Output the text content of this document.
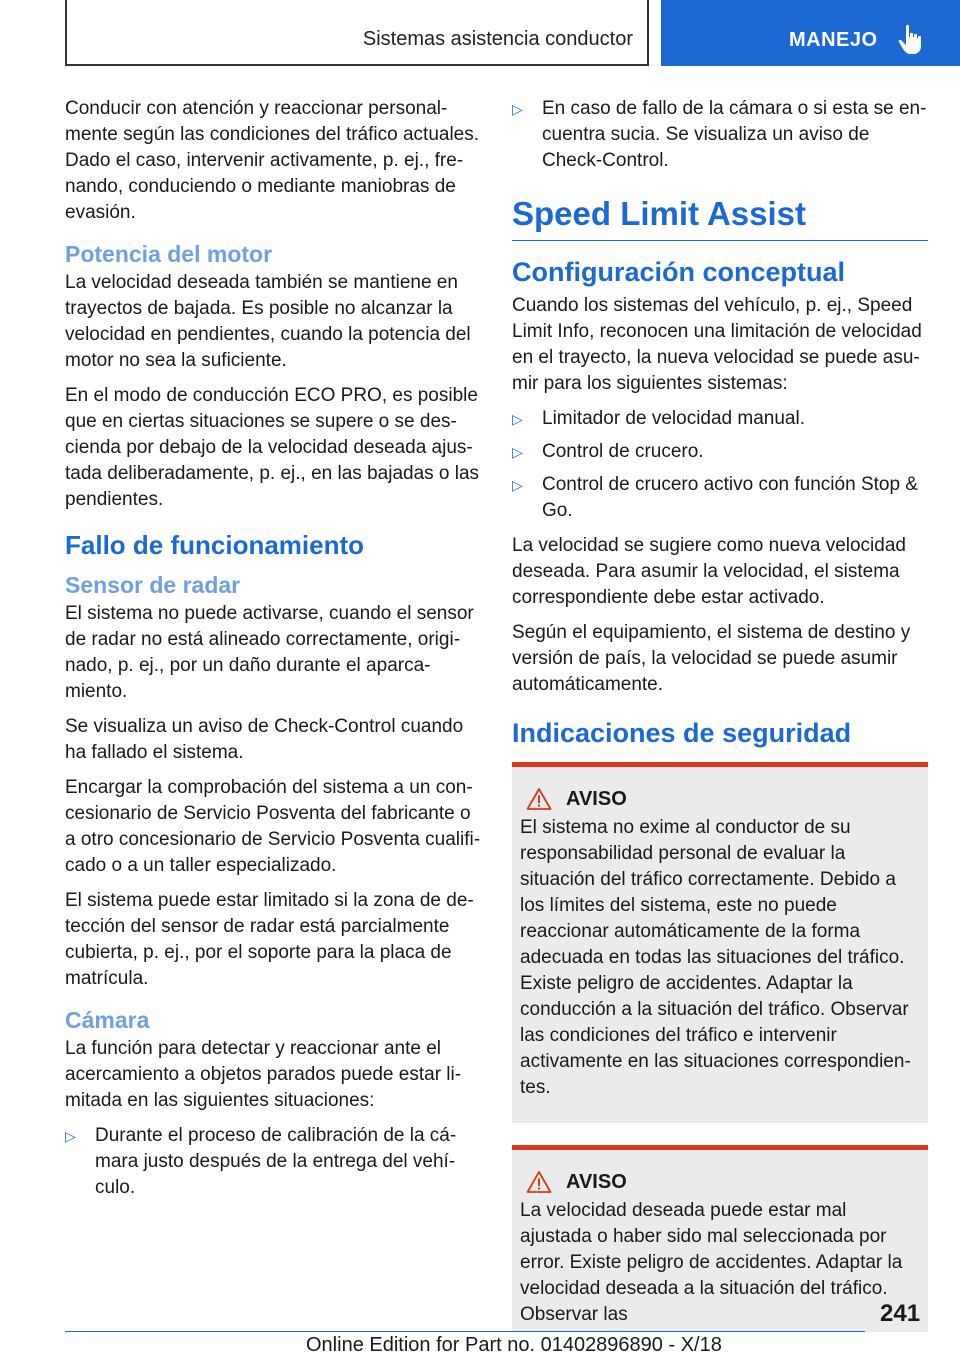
Sistemas asistencia conductor	MANEJO

Conducir con atención y reaccionar personalmente según las condiciones del tráfico actuales. Dado el caso, intervenir activamente, p. ej., frenando, conduciendo o mediante maniobras de evasión.

Potencia del motor

La velocidad deseada también se mantiene en trayectos de bajada. Es posible no alcanzar la velocidad en pendientes, cuando la potencia del motor no sea la suficiente.

En el modo de conducción ECO PRO, es posible que en ciertas situaciones se supere o se descienda por debajo de la velocidad deseada ajustada deliberadamente, p. ej., en las bajadas o las pendientes.

Fallo de funcionamiento
Sensor de radar

El sistema no puede activarse, cuando el sensor de radar no está alineado correctamente, originado, p. ej., por un daño durante el aparcamiento.

Se visualiza un aviso de Check-Control cuando ha fallado el sistema.

Encargar la comprobación del sistema a un concesionario de Servicio Posventa del fabricante o a otro concesionario de Servicio Posventa cualificado o a un taller especializado.

El sistema puede estar limitado si la zona de detección del sensor de radar está parcialmente cubierta, p. ej., por el soporte para la placa de matrícula.

Cámara

La función para detectar y reaccionar ante el acercamiento a objetos parados puede estar limitada en las siguientes situaciones:

▷ Durante el proceso de calibración de la cámara justo después de la entrega del vehículo.
▷ En caso de fallo de la cámara o si esta se encuentra sucia. Se visualiza un aviso de Check-Control.
Speed Limit Assist
Configuración conceptual

Cuando los sistemas del vehículo, p. ej., Speed Limit Info, reconocen una limitación de velocidad en el trayecto, la nueva velocidad se puede asumir para los siguientes sistemas:

▷ Limitador de velocidad manual.
▷ Control de crucero.
▷ Control de crucero activo con función Stop & Go.

La velocidad se sugiere como nueva velocidad deseada. Para asumir la velocidad, el sistema correspondiente debe estar activado.

Según el equipamiento, el sistema de destino y versión de país, la velocidad se puede asumir automáticamente.

Indicaciones de seguridad
AVISO

El sistema no exime al conductor de su responsabilidad personal de evaluar la situación del tráfico correctamente. Debido a los límites del sistema, este no puede reaccionar automáticamente de la forma adecuada en todas las situaciones del tráfico. Existe peligro de accidentes. Adaptar la conducción a la situación del tráfico. Observar las condiciones del tráfico e intervenir activamente en las situaciones correspondientes.

AVISO

La velocidad deseada puede estar mal ajustada o haber sido mal seleccionada por error. Existe peligro de accidentes. Adaptar la velocidad deseada a la situación del tráfico. Observar las	241
Online Edition for Part no. 01402896890 - X/18
